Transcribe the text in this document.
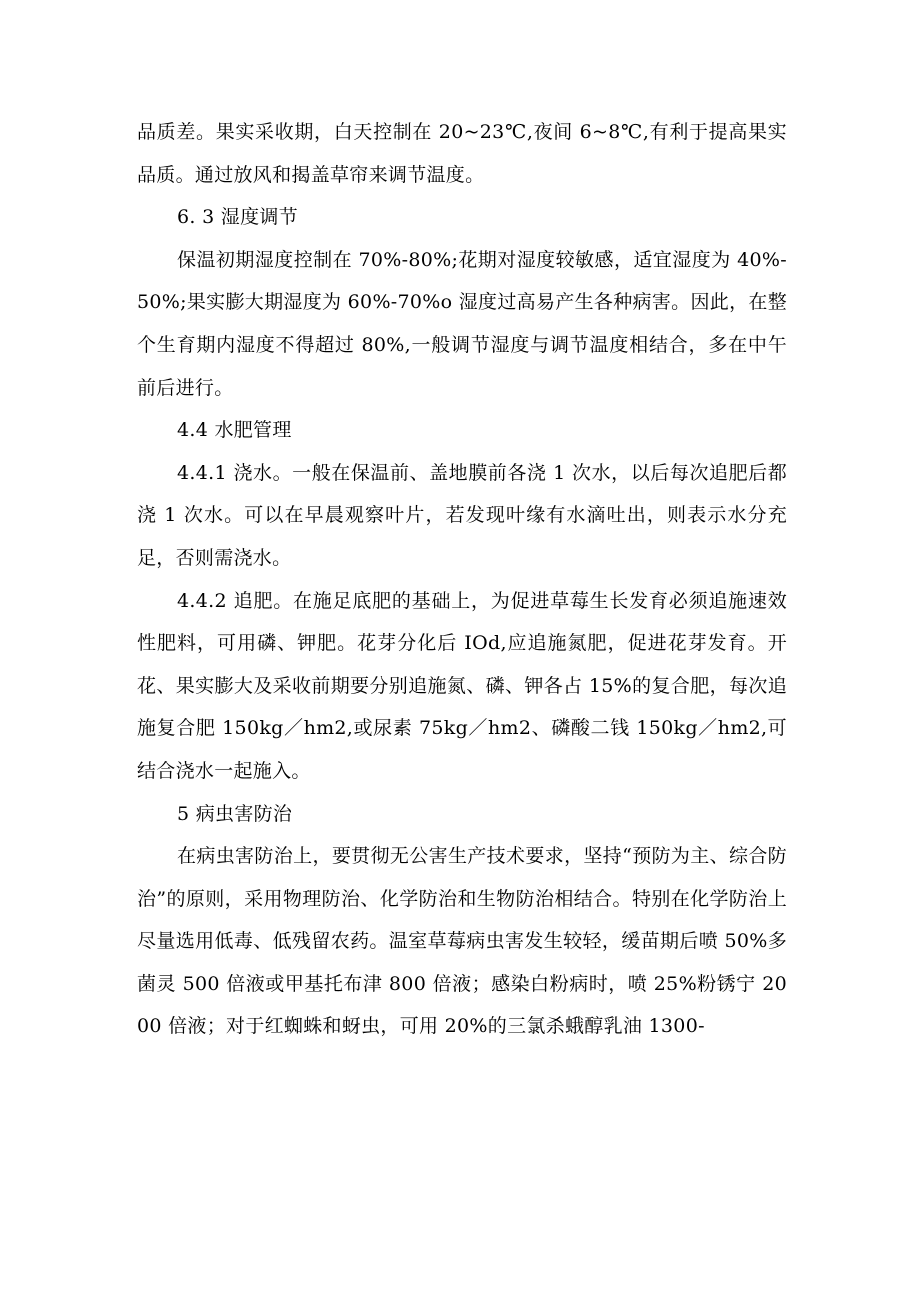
品质差。果实采收期，白天控制在 20~23℃,夜间 6~8℃,有利于提高果实品质。通过放风和揭盖草帘来调节温度。

6. 3 湿度调节

保温初期湿度控制在 70%-80%;花期对湿度较敏感，适宜湿度为 40%-50%;果实膨大期湿度为 60%-70%o 湿度过高易产生各种病害。因此，在整个生育期内湿度不得超过 80%,一般调节湿度与调节温度相结合，多在中午前后进行。

4.4 水肥管理

4.4.1 浇水。一般在保温前、盖地膜前各浇 1 次水，以后每次追肥后都浇 1 次水。可以在早晨观察叶片，若发现叶缘有水滴吐出，则表示水分充足，否则需浇水。

4.4.2 追肥。在施足底肥的基础上，为促进草莓生长发育必须追施速效性肥料，可用磷、钾肥。花芽分化后 IOd,应追施氮肥，促进花芽发育。开花、果实膨大及采收前期要分别追施氮、磷、钾各占 15%的复合肥，每次追施复合肥 150kg／hm2,或尿素 75kg／hm2、磷酸二钱 150kg／hm2,可结合浇水一起施入。

5 病虫害防治

在病虫害防治上，要贯彻无公害生产技术要求，坚持“预防为主、综合防治”的原则，采用物理防治、化学防治和生物防治相结合。特别在化学防治上尽量选用低毒、低残留农药。温室草莓病虫害发生较轻，缓苗期后喷 50%多菌灵 500 倍液或甲基托布津 800 倍液；感染白粉病时，喷 25%粉锈宁 2000 倍液；对于红蜘蛛和蚜虫，可用 20%的三氯杀蛾醇乳油 1300-
